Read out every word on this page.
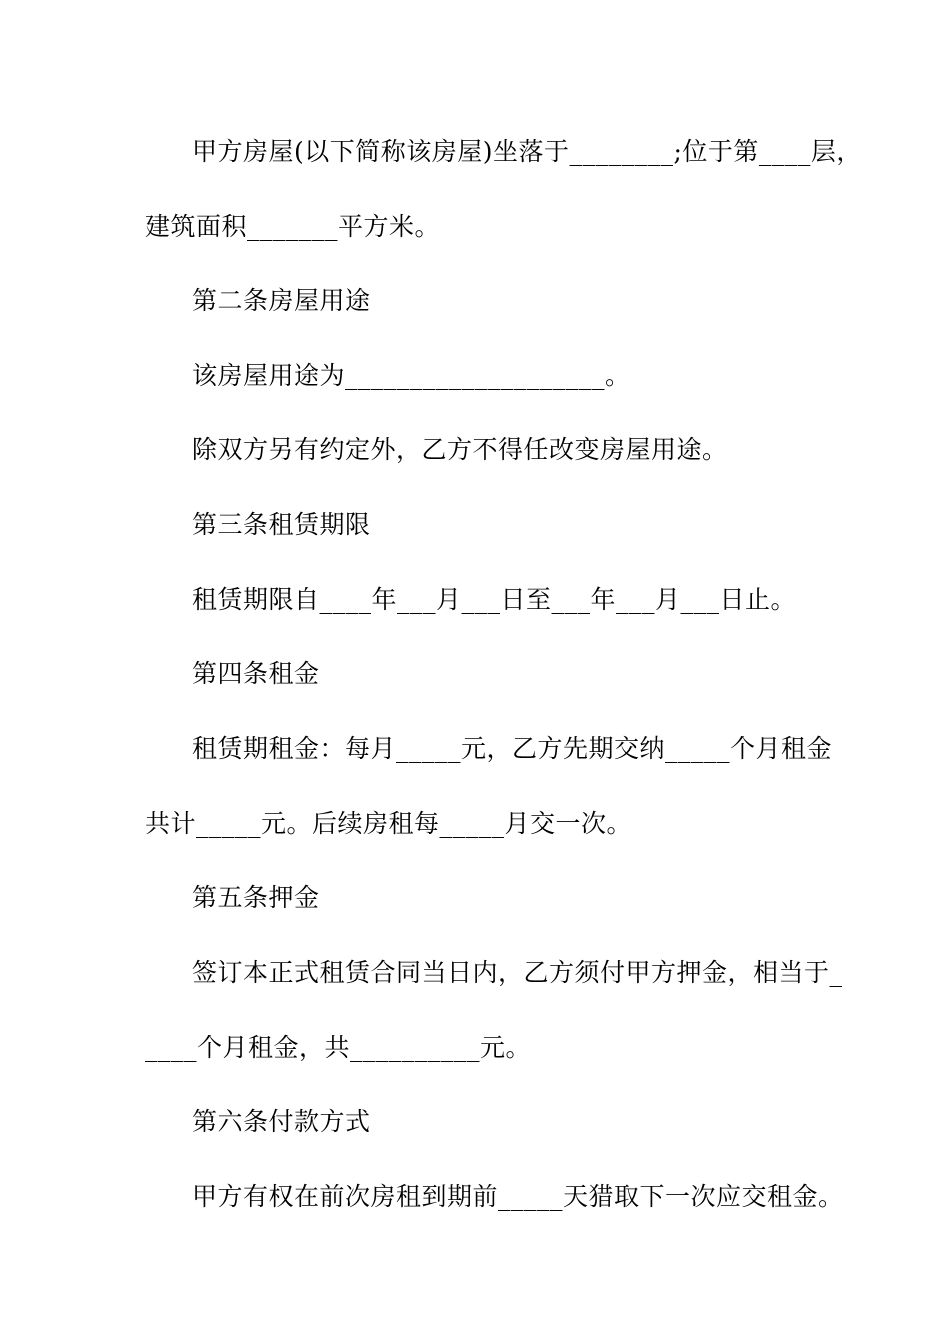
甲方房屋(以下简称该房屋)坐落于________;位于第____层，
建筑面积_______平方米。
第二条房屋用途
该房屋用途为____________________。
除双方另有约定外，乙方不得任改变房屋用途。
第三条租赁期限
租赁期限自____年___月___日至___年___月___日止。
第四条租金
租赁期租金：每月_____元，乙方先期交纳_____个月租金
共计_____元。后续房租每_____月交一次。
第五条押金
签订本正式租赁合同当日内，乙方须付甲方押金，相当于_
____个月租金，共__________元。
第六条付款方式
甲方有权在前次房租到期前_____天猎取下一次应交租金。
